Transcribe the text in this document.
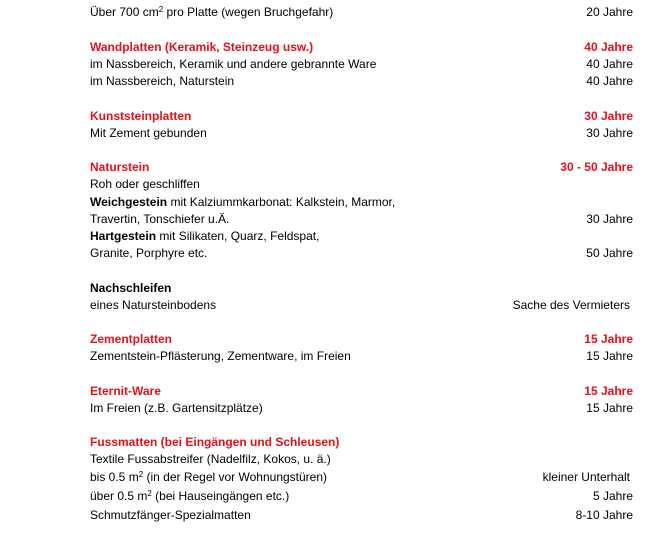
Über 700 $cm^2$ pro Platte (wegen Bruchgefahr)	20 Jahre
Wandplatten (Keramik, Steinzeug usw.)	40 Jahre
im Nassbereich, Keramik und andere gebrannte Ware	40 Jahre
im Nassbereich, Naturstein	40 Jahre
Kunststeinplatten	30 Jahre
Mit Zement gebunden	30 Jahre
Naturstein	30 - 50 Jahre
Roh oder geschliffen
Weichgestein mit Kalziummkarbonat: Kalkstein, Marmor,
Travertin, Tonschiefer u.Ä.	30 Jahre
Hartgestein mit Silikaten, Quarz, Feldspat,
Granite, Porphyre etc.	50 Jahre
Nachschleifen
eines Natursteinbodens	Sache des Vermieters
Zementplatten	15 Jahre
Zementstein-Pflästerung, Zementware, im Freien	15 Jahre
Eternit-Ware	15 Jahre
Im Freien (z.B. Gartensitzplätze)	15 Jahre
Fussmatten (bei Eingängen und Schleusen)
Textile Fussabstreifer (Nadelfilz, Kokos, u. ä.)
bis 0.5 $m^2$ (in der Regel vor Wohnungstüren)	kleiner Unterhalt
über 0.5 $m^2$ (bei Hauseingängen etc.)	5 Jahre
Schmutzfänger-Spezialmatten	8-10 Jahre
